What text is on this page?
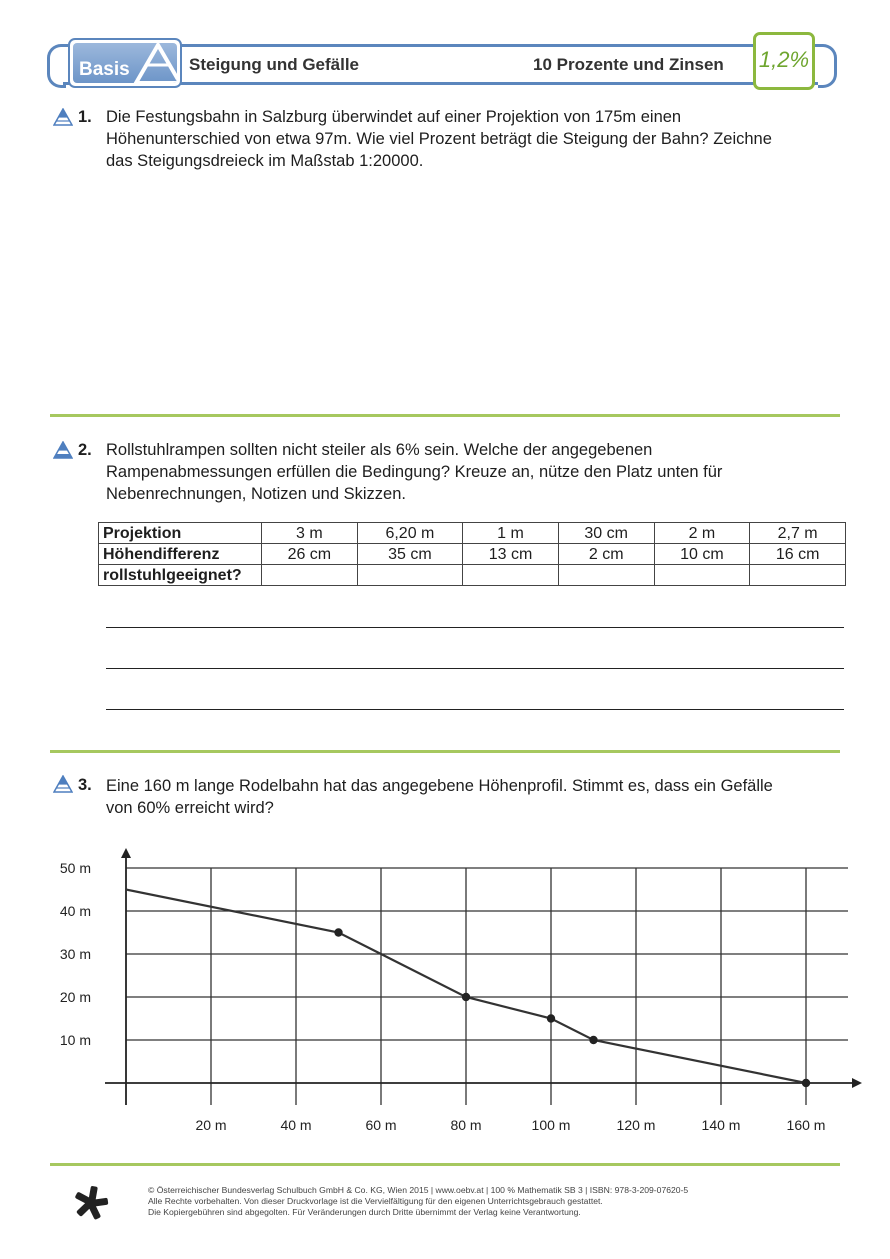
Basis	Steigung und Gefälle	10 Prozente und Zinsen 1,2%
1. Die Festungsbahn in Salzburg überwindet auf einer Projektion von 175m einen
Höhenunterschied von etwa 97m. Wie viel Prozent beträgt die Steigung der Bahn? Zeichne
das Steigungsdreieck im Maßstab 1:20000.
2. Rollstuhlrampen sollten nicht steiler als 6% sein. Welche der angegebenen
Rampenabmessungen erfüllen die Bedingung? Kreuze an, nütze den Platz unten für
Nebenrechnungen, Notizen und Skizzen.
Projektion	3 m	6,20 m	1 m	30 cm	2 m	2,7 m
Höhendifferenz	26 cm	35 cm	13 cm	2 cm	10 cm	16 cm
rollstuhlgeeignet?						
3. Eine 160 m lange Rodelbahn hat das angegebene Höhenprofil. Stimmt es, dass ein Gefälle
von 60% erreicht wird?
10 m
20 m
30 m
40 m
50 m
20 m	40 m	60 m	80 m	100 m	120 m	140 m	160 m
© Österreichischer Bundesverlag Schulbuch GmbH & Co. KG, Wien 2015 | www.oebv.at | 100 % Mathematik SB 3 | ISBN: 978-3-209-07620-5
Alle Rechte vorbehalten. Von dieser Druckvorlage ist die Vervielfältigung für den eigenen Unterrichtsgebrauch gestattet.
Die Kopiergebühren sind abgegolten. Für Veränderungen durch Dritte übernimmt der Verlag keine Verantwortung.
